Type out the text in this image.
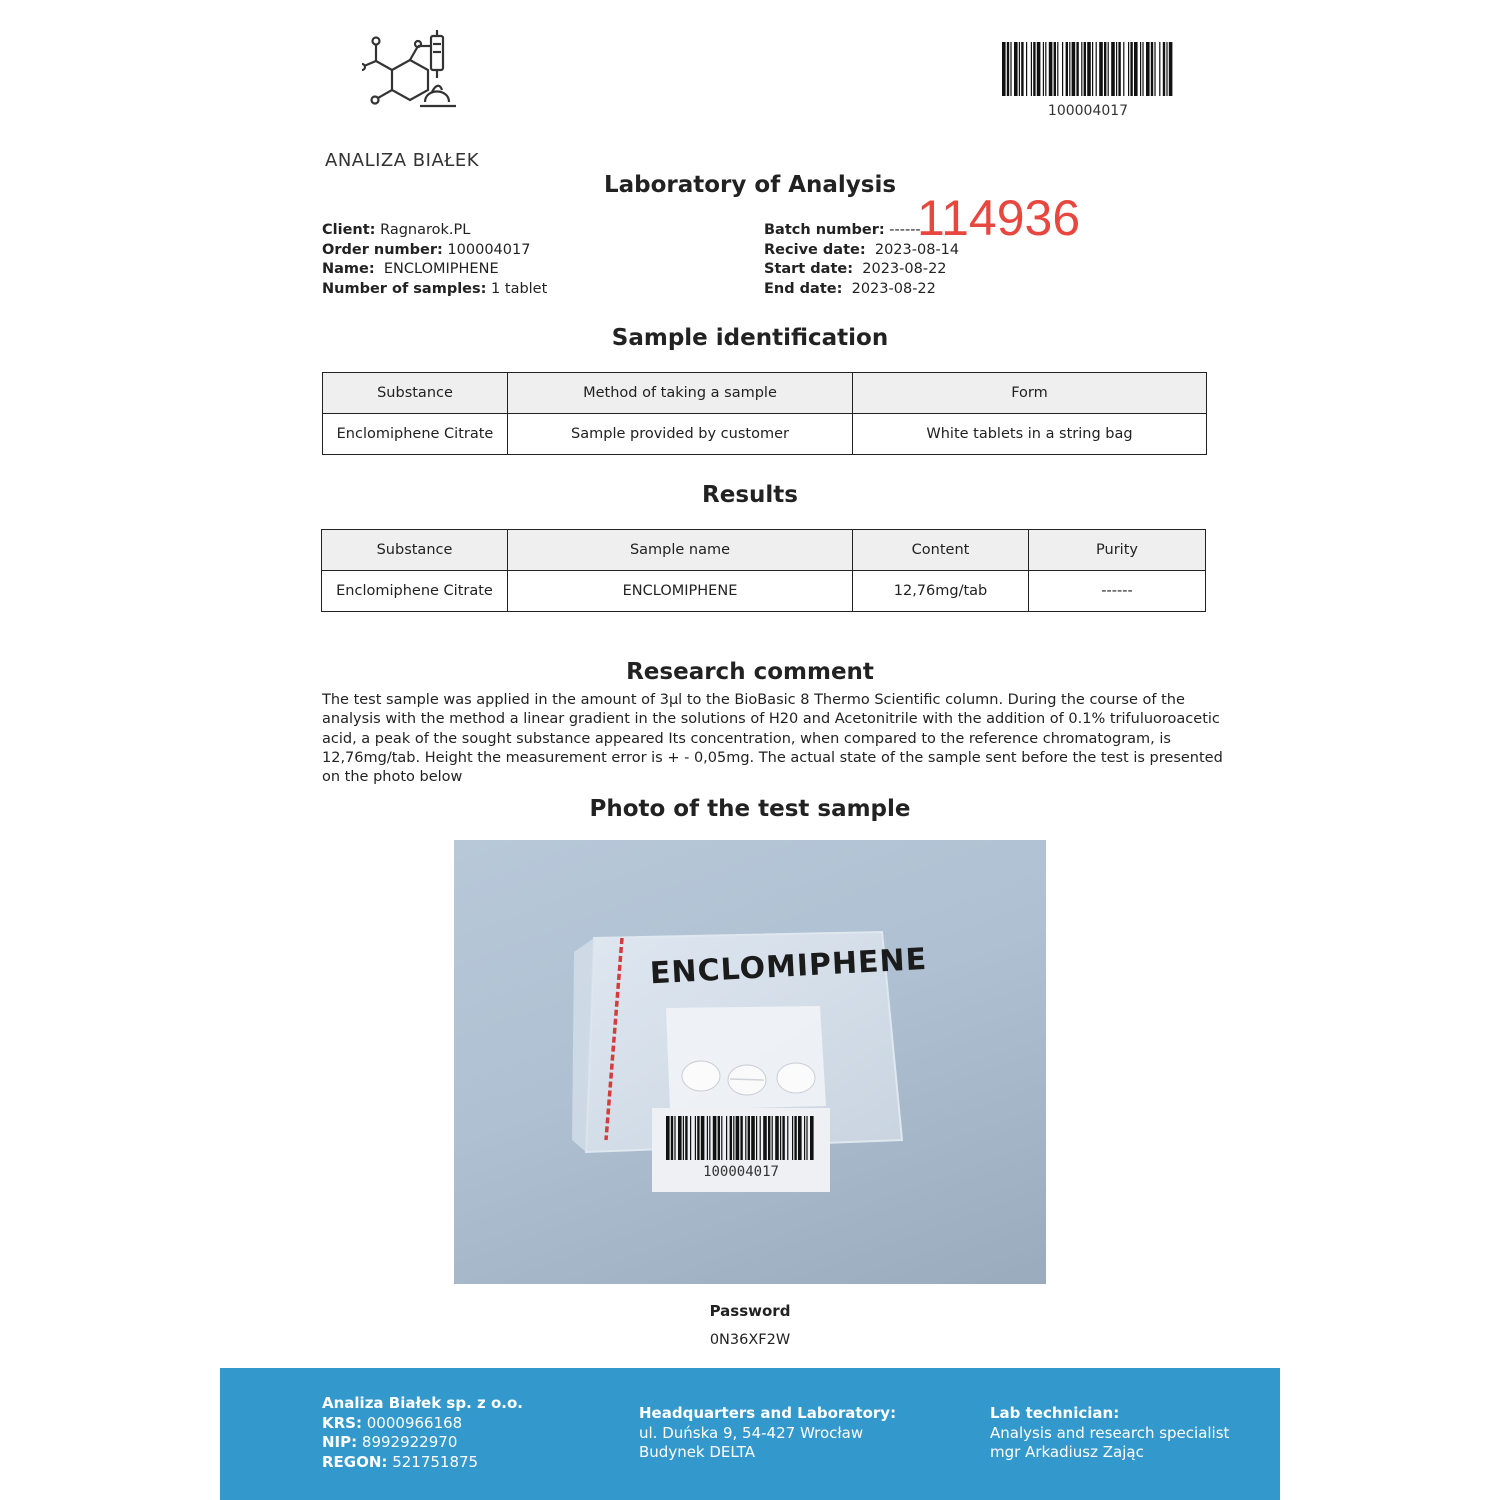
ANALIZA BIAŁEK
100004017
Laboratory of Analysis
Client: Ragnarok.PL
Order number: 100004017
Name: ENCLOMIPHENE
Number of samples: 1 tablet
Batch number: ------
Recive date: 2023-08-14
Start date: 2023-08-22
End date: 2023-08-22
114936
Sample identification
Substance	Method of taking a sample	Form
Enclomiphene Citrate	Sample provided by customer	White tablets in a string bag
Results
Substance	Sample name	Content	Purity
Enclomiphene Citrate	ENCLOMIPHENE	12,76mg/tab	------
Research comment
The test sample was applied in the amount of 3µl to the BioBasic 8 Thermo Scientific column. During the course of the analysis with the method a linear gradient in the solutions of H20 and Acetonitrile with the addition of 0.1% trifuluoroacetic acid, a peak of the sought substance appeared Its concentration, when compared to the reference chromatogram, is 12,76mg/tab. Height the measurement error is + - 0,05mg. The actual state of the sample sent before the test is presented on the photo below
Photo of the test sample
ENCLOMIPHENE
100004017
Password
0N36XF2W
Analiza Białek sp. z o.o.
KRS: 0000966168
NIP: 8992922970
REGON: 521751875
Headquarters and Laboratory:
ul. Duńska 9, 54-427 Wrocław
Budynek DELTA
Lab technician:
Analysis and research specialist
mgr Arkadiusz Zając
